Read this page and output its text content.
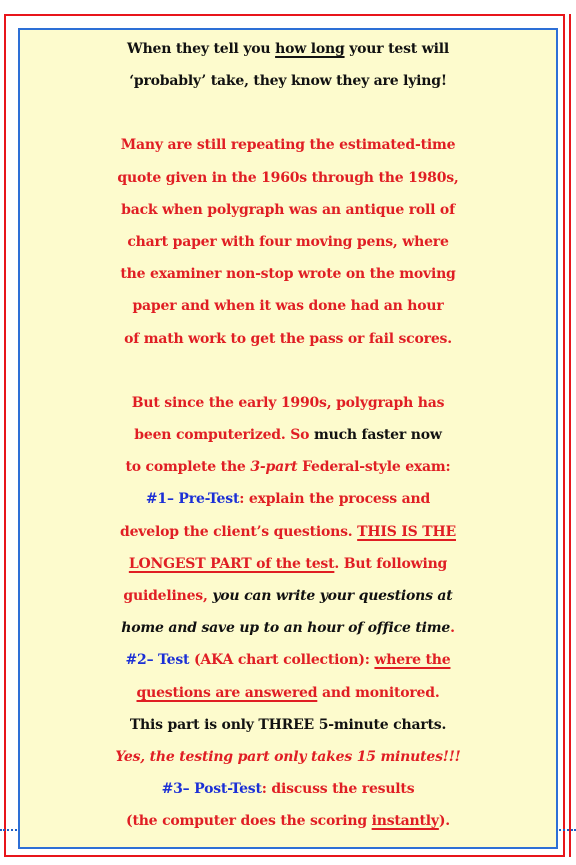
When they tell you how long your test will
‘probably’ take, they know they are lying!
Many are still repeating the estimated-time
quote given in the 1960s through the 1980s,
back when polygraph was an antique roll of
chart paper with four moving pens, where
the examiner non-stop wrote on the moving
paper and when it was done had an hour
of math work to get the pass or fail scores.
But since the early 1990s, polygraph has
been computerized. So much faster now
to complete the 3-part Federal-style exam:
#1– Pre-Test: explain the process and
develop the client’s questions. THIS IS THE
LONGEST PART of the test. But following
guidelines, you can write your questions at
home and save up to an hour of office time.
#2– Test (AKA chart collection): where the
questions are answered and monitored.
This part is only THREE 5-minute charts.
Yes, the testing part only takes 15 minutes!!!
#3– Post-Test: discuss the results
(the computer does the scoring instantly).
